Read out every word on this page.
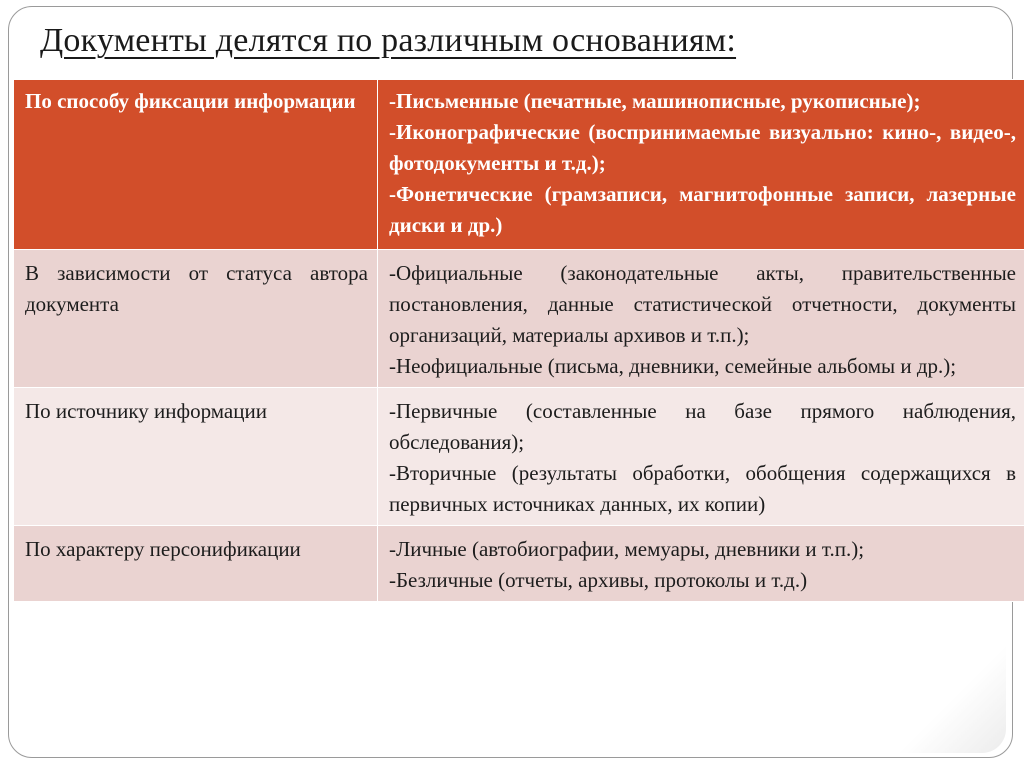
Документы делятся по различным основаниям:
По способу фиксации информации	-Письменные (печатные, машинописные, рукописные);
-Иконографические (воспринимаемые визуально: кино-, видео-, фотодокументы и т.д.);
-Фонетические (грамзаписи, магнитофонные записи, лазерные диски и др.)

В зависимости от статуса автора документа	-Официальные (законодательные акты, правительственные постановления, данные статистической отчетности, документы организаций, материалы архивов и т.п.);
-Неофициальные (письма, дневники, семейные альбомы и др.);

По источнику информации	-Первичные (составленные на базе прямого наблюдения, обследования);
-Вторичные (результаты обработки, обобщения содержащихся в первичных источниках данных, их копии)

По характеру персонификации	-Личные (автобиографии, мемуары, дневники и т.п.);
-Безличные (отчеты, архивы, протоколы и т.д.)
